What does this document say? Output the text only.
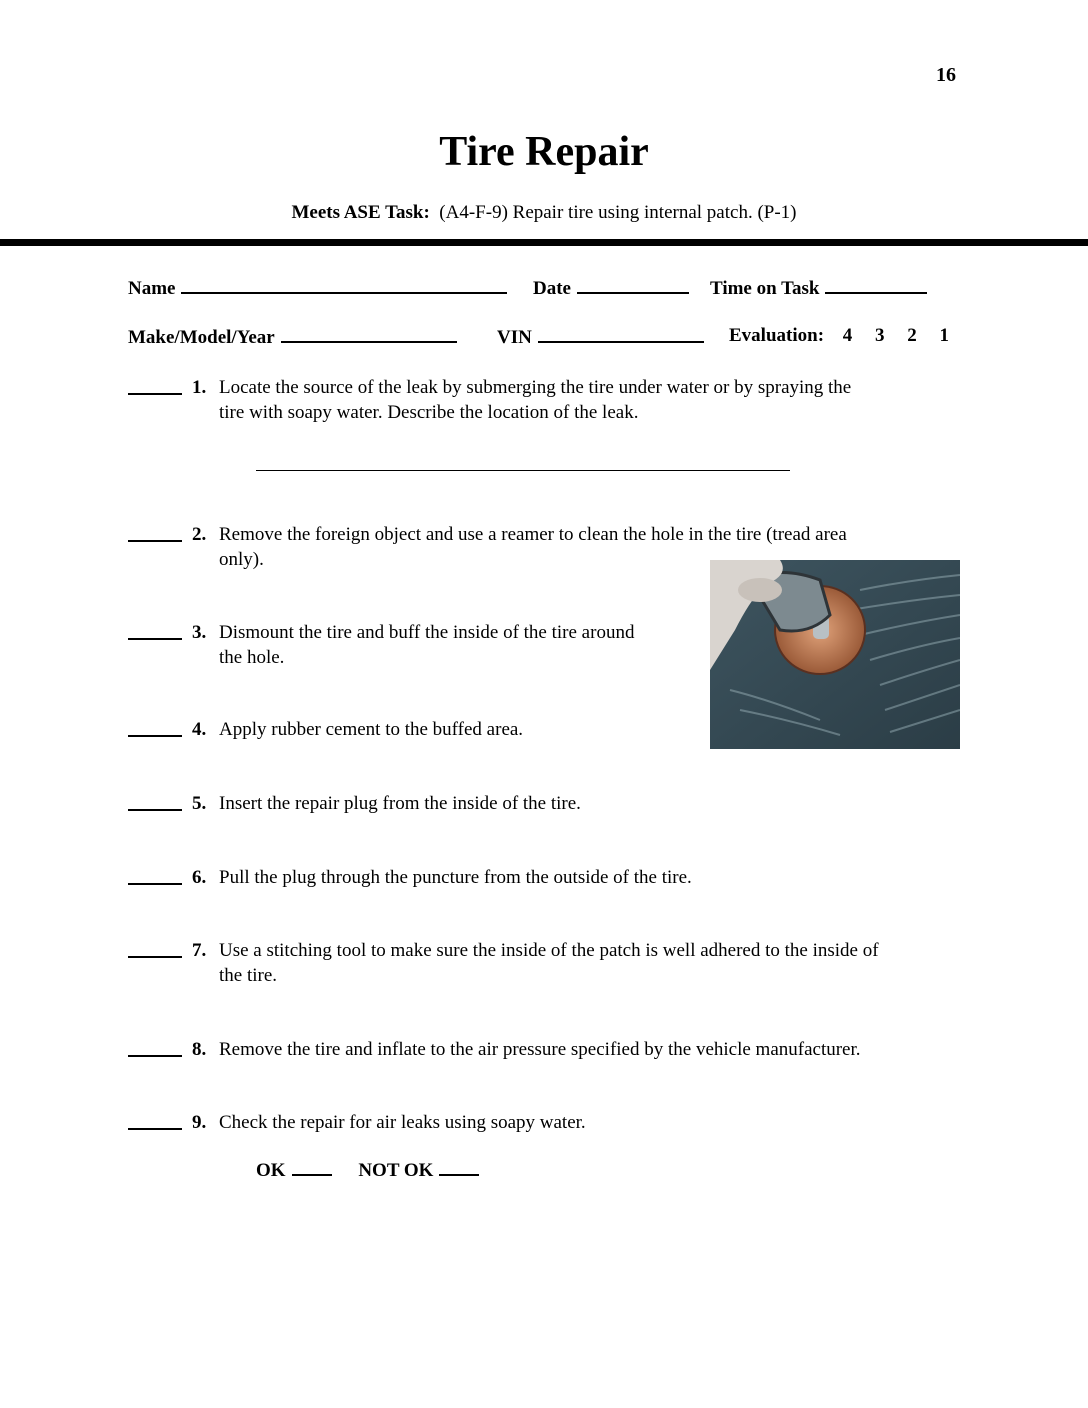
16
Tire Repair
Meets ASE Task: (A4-F-9) Repair tire using internal patch. (P-1)
Name	Date	Time on Task
Make/Model/Year	VIN	Evaluation: 4 3 2 1
1. Locate the source of the leak by submerging the tire under water or by spraying the
tire with soapy water. Describe the location of the leak.
2. Remove the foreign object and use a reamer to clean the hole in the tire (tread area
only).
3. Dismount the tire and buff the inside of the tire around
the hole.
4. Apply rubber cement to the buffed area.
5. Insert the repair plug from the inside of the tire.
6. Pull the plug through the puncture from the outside of the tire.
7. Use a stitching tool to make sure the inside of the patch is well adhered to the inside of
the tire.
8. Remove the tire and inflate to the air pressure specified by the vehicle manufacturer.
9. Check the repair for air leaks using soapy water.
OK	NOT OK
